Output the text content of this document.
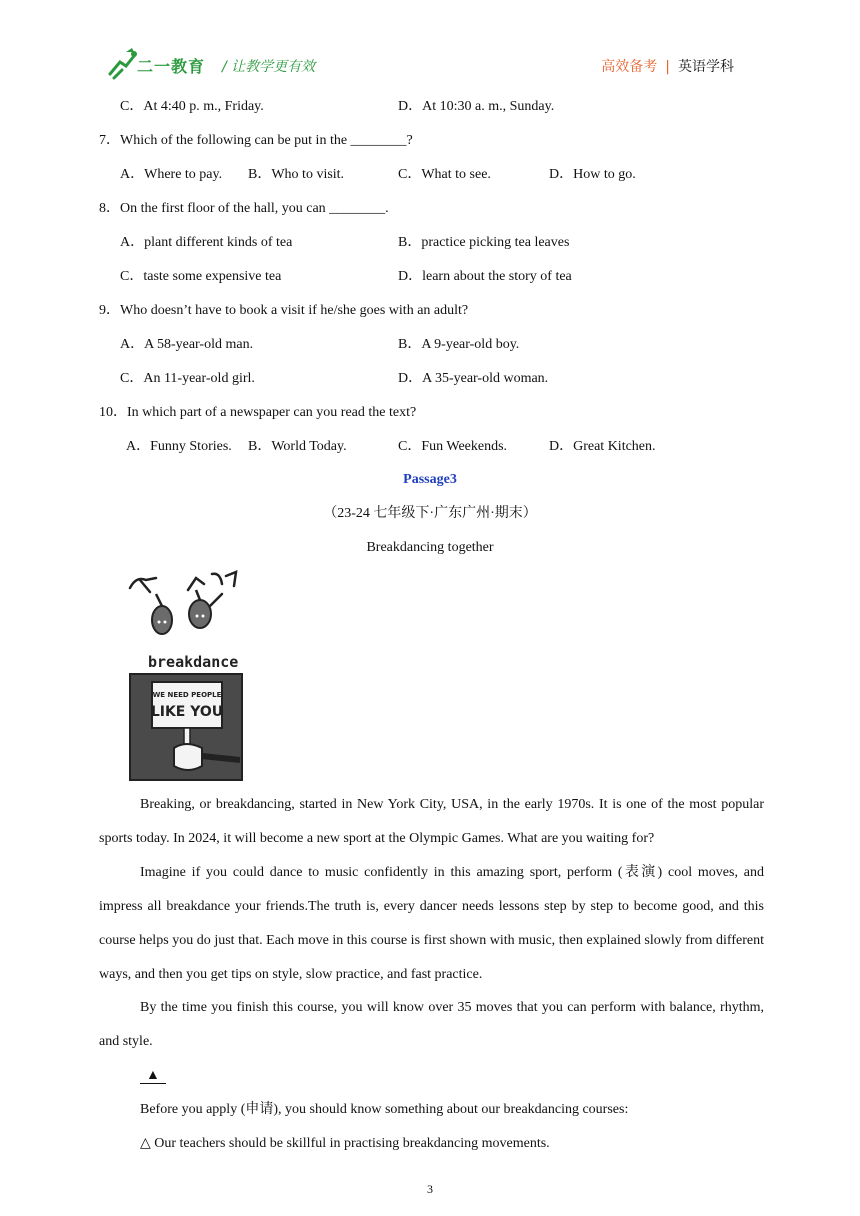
二一教育 / 让教学更有效	高效备考 | 英语学科
C．At 4:40 p. m., Friday.	D．At 10:30 a. m., Sunday.
7．Which of the following can be put in the ________?
A．Where to pay. B．Who to visit.	C．What to see.	D．How to go.
8．On the first floor of the hall, you can ________.
A．plant different kinds of tea	B．practice picking tea leaves
C．taste some expensive tea	D．learn about the story of tea
9．Who doesn’t have to book a visit if he/she goes with an adult?
A．A 58-year-old man.	B．A 9-year-old boy.
C．An 11-year-old girl.	D．A 35-year-old woman.
10．In which part of a newspaper can you read the text?
A．Funny Stories. B．World Today.	C．Fun Weekends.	D．Great Kitchen.
Passage3
（23-24 七年级下·广东广州·期末）
Breakdancing together
breakdance
WE NEED PEOPLE
LIKE YOU
Breaking, or breakdancing, started in New York City, USA, in the early 1970s. It is one of the most popular sports today. In 2024, it will become a new sport at the Olympic Games. What are you waiting for?
Imagine if you could dance to music confidently in this amazing sport, perform (表演) cool moves, and impress all breakdance your friends.The truth is, every dancer needs lessons step by step to become good, and this course helps you do just that. Each move in this course is first shown with music, then explained slowly from different ways, and then you get tips on style, slow practice, and fast practice.
By the time you finish this course, you will know over 35 moves that you can perform with balance, rhythm, and style.
▲
Before you apply (申请), you should know something about our breakdancing courses:
△ Our teachers should be skillful in practising breakdancing movements.
3
